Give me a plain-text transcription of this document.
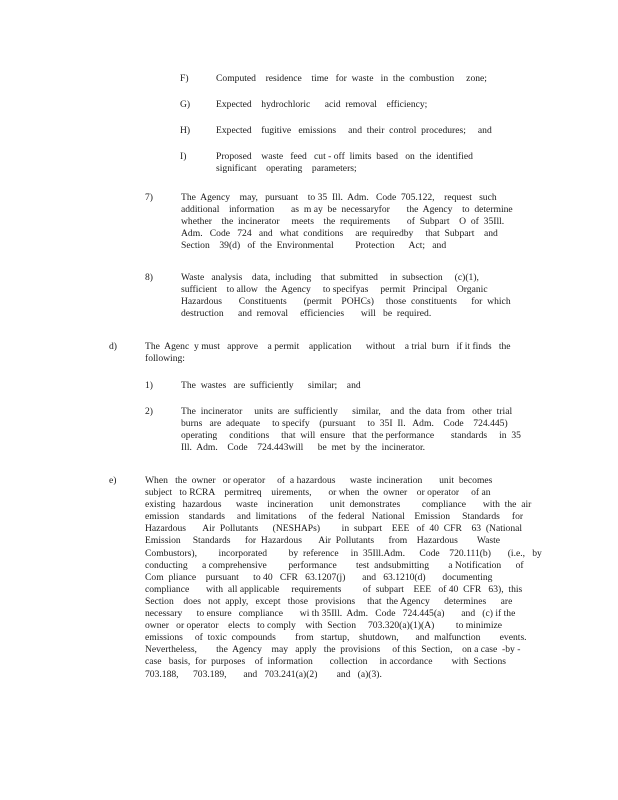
F)	Computed    residence    time   for  waste   in  the  combustion     zone;
G)	Expected    hydrochloric      acid  removal    efficiency;
H)	Expected    fugitive   emissions     and  their  control  procedures;     and
I)	Proposed    waste   feed   cut - off  limits  based   on  the  identified
significant    operating    parameters;
7)	The  Agency    may,   pursuant    to 35  Ill.  Adm.   Code  705.122,    request   such
additional    information       as  m ay  be  necessaryfor       the  Agency    to  determine
whether    the  incinerator     meets    the  requirements       of  Subpart    O  of  35Ill.
Adm.   Code   724   and   what  conditions     are  requiredby     that  Subpart    and
Section    39(d)   of  the  Environmental         Protection      Act;   and
8)	Waste   analysis    data,  including    that  submitted     in  subsection     (c)(1),
sufficient    to allow   the  Agency     to specifyas     permit   Principal    Organic
Hazardous       Constituents       (permit    POHCs)     those  constituents      for  which
destruction      and  removal     efficiencies       will   be  required.
d)	The  Agenc  y must   approve    a permit    application      without    a trial  burn   if it finds   the
following:
1)	The  wastes   are  sufficiently      similar;    and
2)	The  incinerator     units  are  sufficiently      similar,    and  the  data  from   other  trial
burns   are  adequate     to specify    (pursuant     to  35I  Il.   Adm.    Code    724.445)
operating     conditions     that  will  ensure   that  the performance       standards     in  35
Ill.  Adm.    Code    724.443will      be  met  by  the  incinerator.
e)	When   the  owner   or operator     of  a hazardous      waste  incineration       unit  becomes
subject   to RCRA    permitreq    uirements,       or when   the  owner    or operator     of an
existing   hazardous      waste    incineration       unit  demonstrates         compliance       with  the  air
emission    standards     and  limitations     of  the  federal   National    Emission     Standards     for
Hazardous       Air  Pollutants      (NESHAPs)         in  subpart    EEE   of  40  CFR    63  (National
Emission     Standards      for  Hazardous       Air  Pollutants      from    Hazardous        Waste
Combustors),         incorporated         by  reference     in  35Ill.Adm.      Code    720.111(b)       (i.e.,   by
conducting      a comprehensive         performance        test  andsubmitting        a Notification      of
Com  pliance    pursuant      to 40   CFR   63.1207(j)       and   63.1210(d)       documenting
compliance       with  all applicable     requirements         of  subpart    EEE   of 40  CFR   63),  this
Section    does   not  apply,   except   those   provisions     that  the Agency      determines      are
necessary      to ensure   compliance       wi th 35Ill.  Adm.   Code   724.445(a)       and   (c) if the
owner   or operator    elects   to comply    with  Section     703.320(a)(1)(A)         to minimize
emissions     of  toxic  compounds        from   startup,    shutdown,       and  malfunction        events.
Nevertheless,        the  Agency    may   apply   the  provisions     of this  Section,    on a case  -by -
case   basis,  for  purposes    of  information       collection     in accordance        with  Sections
703.188,      703.189,       and   703.241(a)(2)        and   (a)(3).
